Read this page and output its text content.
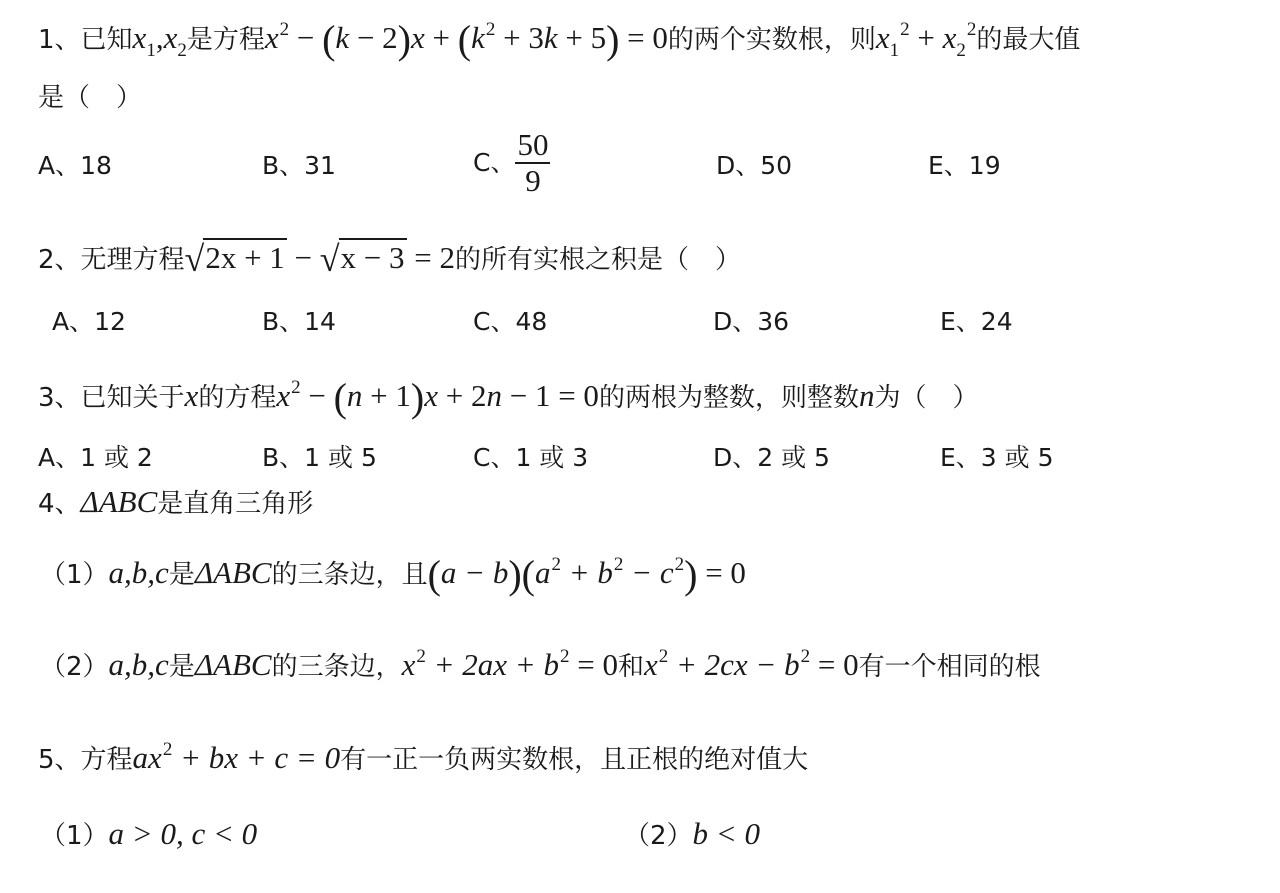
1、已知$x_1,x_2$是方程$x^2 - (k - 2)x + (k^2 + 3k + 5) = 0$的两个实数根，则$x_1^2 + x_2^2$的最大值
是（　）
A、18	B、31	C、 $\frac{50}{9}$	D、50	E、19
2、无理方程√2x + 1 − √x − 3 = 2的所有实根之积是（　）
A、12	B、14	C、48	D、36	E、24
3、已知关于x的方程$x^2 - (n + 1)x + 2n - 1 = 0$的两根为整数，则整数n为（　）
A、1 或 2	B、1 或 5	C、1 或 3	D、2 或 5	E、3 或 5
4、ΔABC是直角三角形
（1）a,b,c是ΔABC的三条边，且$(a - b)(a^2 + b^2 - c^2) = 0$
（2）a,b,c是ΔABC的三条边，$x^2 + 2ax + b^2 = 0$和$x^2 + 2cx - b^2 = 0$有一个相同的根
5、方程$ax^2$ + bx + c = 0有一正一负两实数根，且正根的绝对值大
（1）a > 0, c < 0	（2）b < 0
